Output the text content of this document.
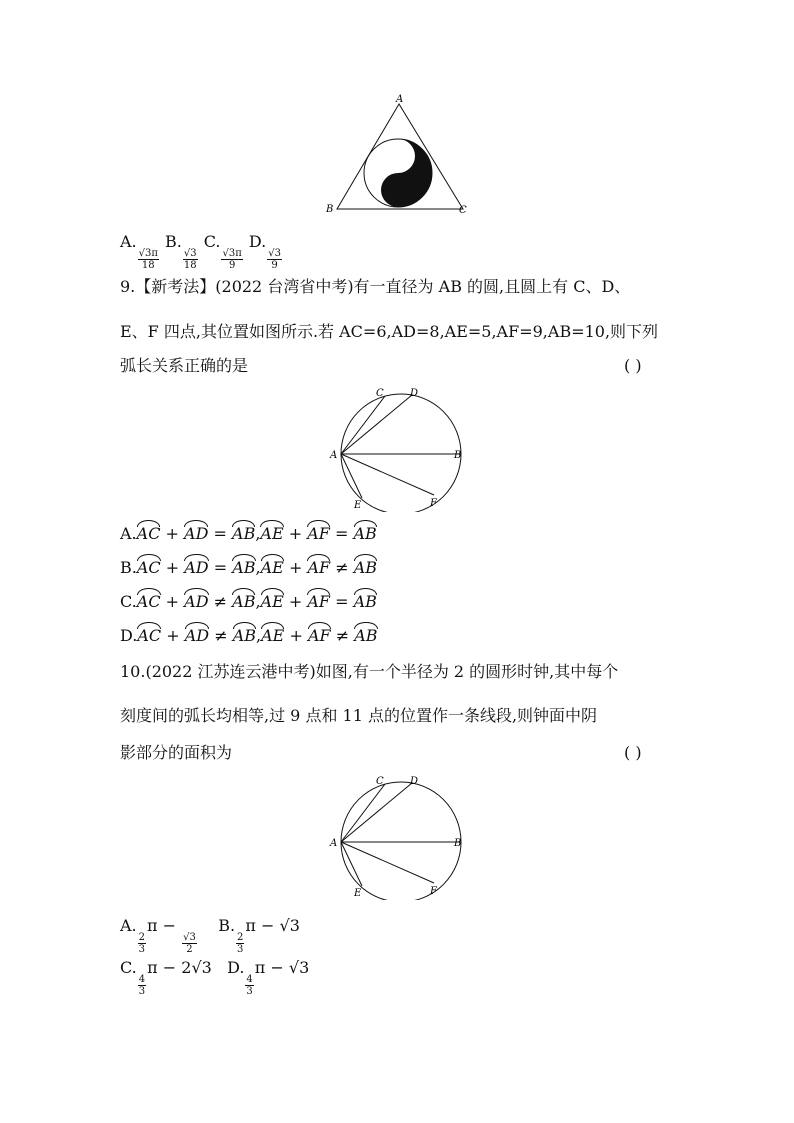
A
B	C
A.
$\frac{√3\pi}{18}$
B.
$\frac{√3}{18}$
C.
$\frac{√3\pi}{9}$
D.
$\frac{√3}{9}$
9.【新考法】(2022 台湾省中考)有一直径为 AB 的圆,且圆上有 C、D、
E、F 四点,其位置如图所示.若 AC=6,AD=8,AE=5,AF=9,AB=10,则下列
弧长关系正确的是	( )
A	B
C	D
E	F
A.AC + AD = AB,AE + AF = AB
B.AC + AD = AB,AE + AF ≠ AB
C.AC + AD ≠ AB,AE + AF = AB
D.AC + AD ≠ AB,AE + AF ≠ AB
10.(2022 江苏连云港中考)如图,有一个半径为 2 的圆形时钟,其中每个
刻度间的弧长均相等,过 9 点和 11 点的位置作一条线段,则钟面中阴
影部分的面积为	( )
A	B
C	D
E	F
A.
$\frac{2}{3}$
π −
$\frac{√3}{2}$
B.
$\frac{2}{3}$
π − √3
C.
$\frac{4}{3}$
π − 2√3 D.
$\frac{4}{3}$
π − √3
